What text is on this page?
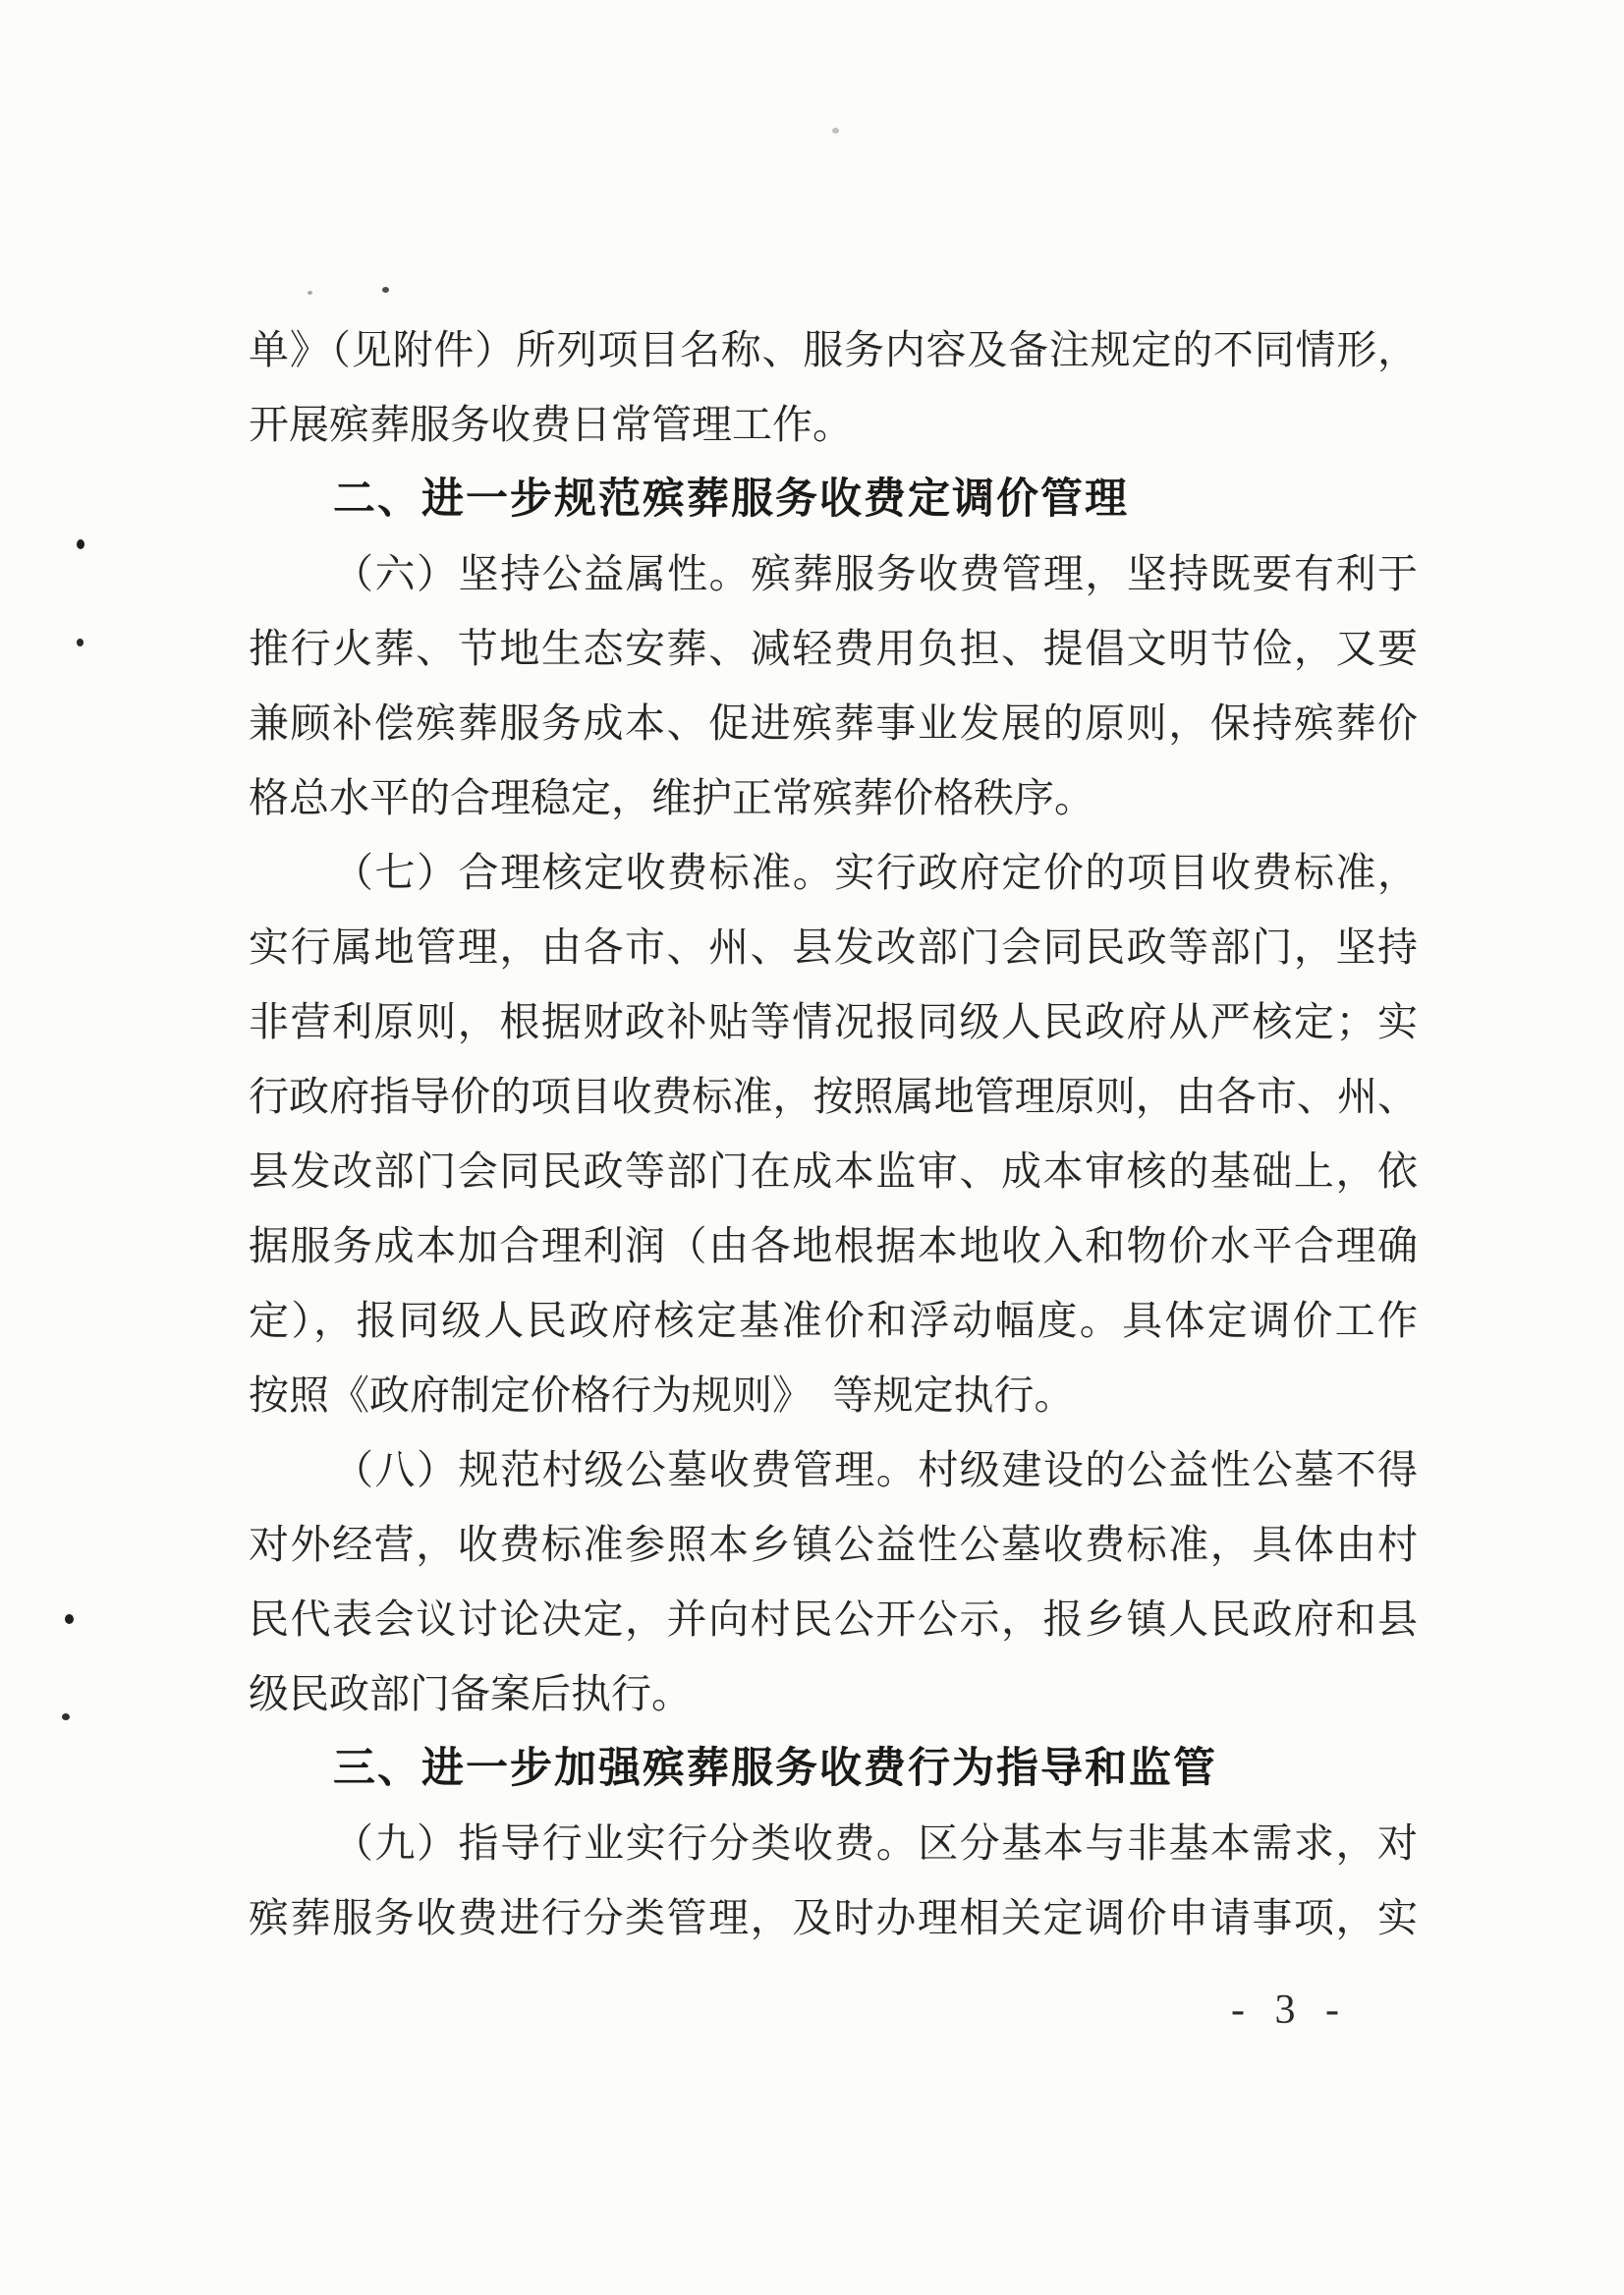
单》（见附件）所列项目名称、服务内容及备注规定的不同情形，
开展殡葬服务收费日常管理工作。
二、进一步规范殡葬服务收费定调价管理
（六）坚持公益属性。殡葬服务收费管理，坚持既要有利于
推行火葬、节地生态安葬、减轻费用负担、提倡文明节俭，又要
兼顾补偿殡葬服务成本、促进殡葬事业发展的原则，保持殡葬价
格总水平的合理稳定，维护正常殡葬价格秩序。
（七）合理核定收费标准。实行政府定价的项目收费标准，
实行属地管理，由各市、州、县发改部门会同民政等部门，坚持
非营利原则，根据财政补贴等情况报同级人民政府从严核定；实
行政府指导价的项目收费标准，按照属地管理原则，由各市、州、
县发改部门会同民政等部门在成本监审、成本审核的基础上，依
据服务成本加合理利润（由各地根据本地收入和物价水平合理确
定），报同级人民政府核定基准价和浮动幅度。具体定调价工作
按照《政府制定价格行为规则》　等规定执行。
（八）规范村级公墓收费管理。村级建设的公益性公墓不得
对外经营，收费标准参照本乡镇公益性公墓收费标准，具体由村
民代表会议讨论决定，并向村民公开公示，报乡镇人民政府和县
级民政部门备案后执行。
三、进一步加强殡葬服务收费行为指导和监管
（九）指导行业实行分类收费。区分基本与非基本需求，对
殡葬服务收费进行分类管理，及时办理相关定调价申请事项，实
- 3 -
